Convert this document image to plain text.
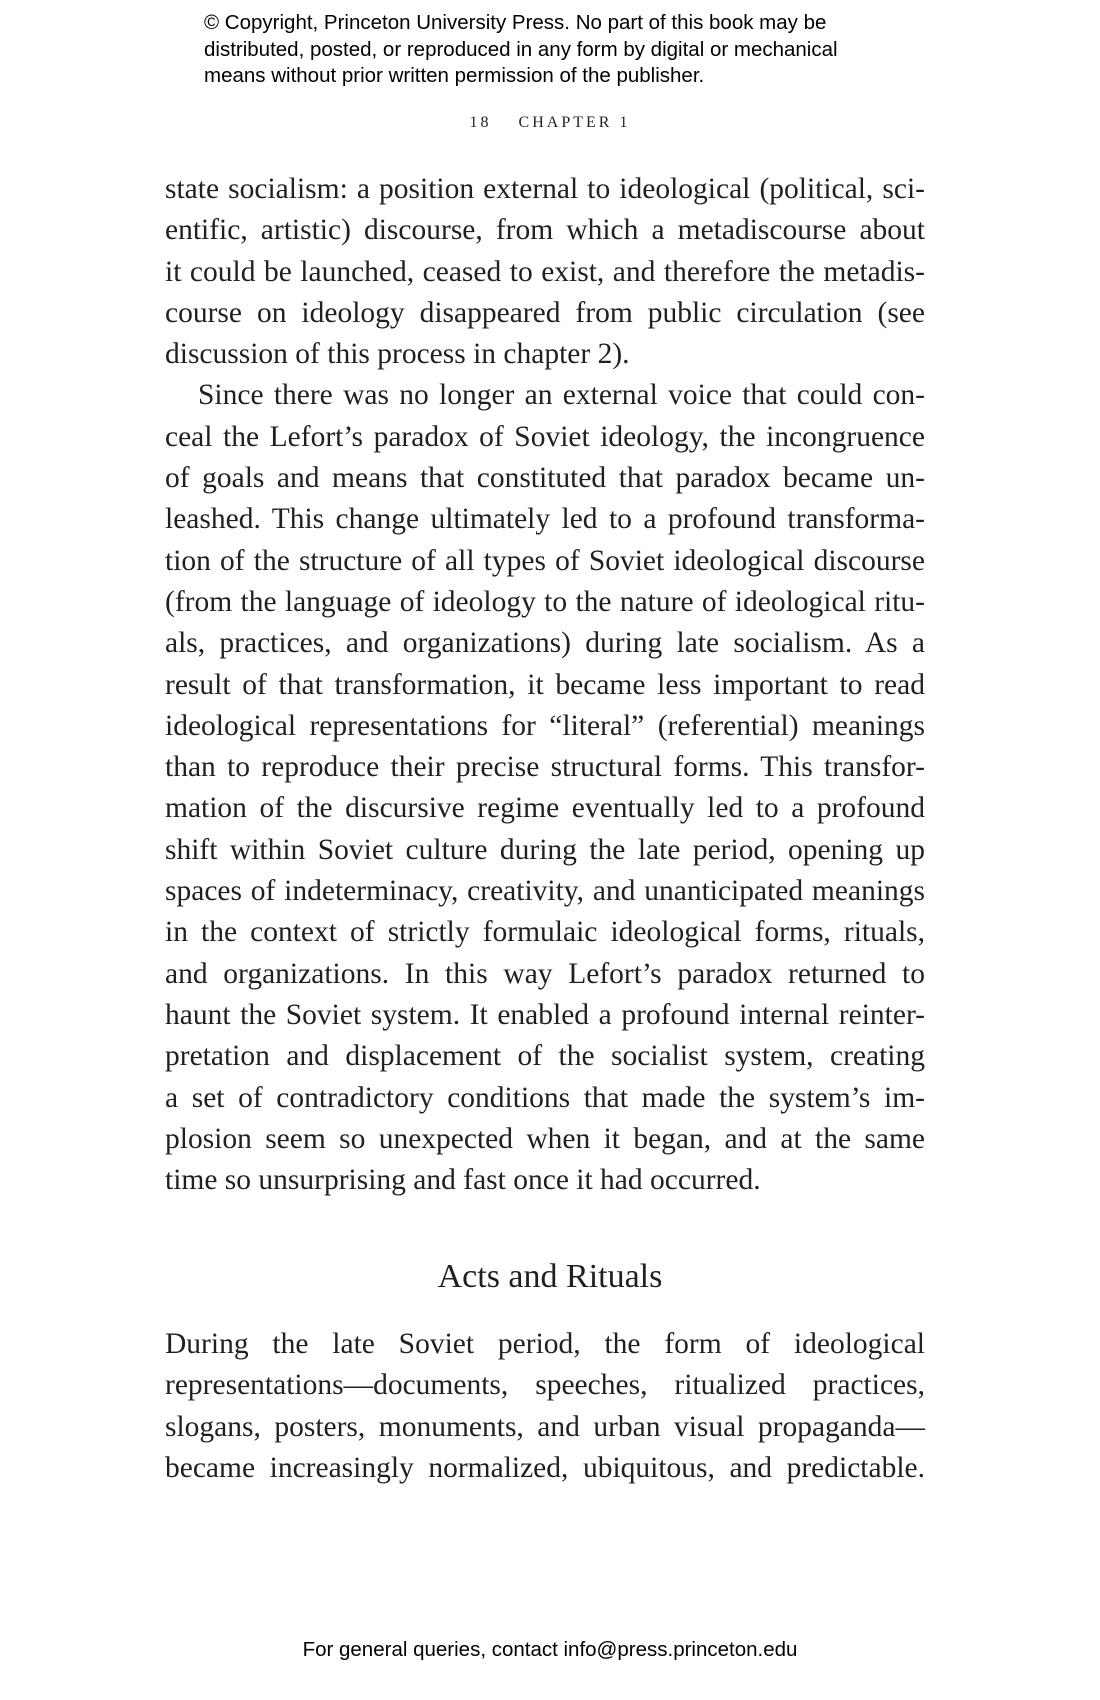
© Copyright, Princeton University Press. No part of this book may be
distributed, posted, or reproduced in any form by digital or mechanical
means without prior written permission of the publisher.
18 CHAPTER 1
state socialism: a position external to ideological (political, sci-
entific, artistic) discourse, from which a metadiscourse about
it could be launched, ceased to exist, and therefore the metadis-
course on ideology disappeared from public circulation (see
discussion of this process in chapter 2).
Since there was no longer an external voice that could con-
ceal the Lefort’s paradox of Soviet ideology, the incongruence
of goals and means that constituted that paradox became un-
leashed. This change ultimately led to a profound transforma-
tion of the structure of all types of Soviet ideological discourse
(from the language of ideology to the nature of ideological ritu-
als, practices, and organizations) during late socialism. As a
result of that transformation, it became less important to read
ideological representations for “literal” (referential) meanings
than to reproduce their precise structural forms. This transfor-
mation of the discursive regime eventually led to a profound
shift within Soviet culture during the late period, opening up
spaces of indeterminacy, creativity, and unanticipated meanings
in the context of strictly formulaic ideological forms, rituals,
and organizations. In this way Lefort’s paradox returned to
haunt the Soviet system. It enabled a profound internal reinter-
pretation and displacement of the socialist system, creating
a set of contradictory conditions that made the system’s im-
plosion seem so unexpected when it began, and at the same
time so unsurprising and fast once it had occurred.
Acts and Rituals
During the late Soviet period, the form of ideological
representations—documents, speeches, ritualized practices,
slogans, posters, monuments, and urban visual propaganda—
became increasingly normalized, ubiquitous, and predictable.
For general queries, contact info@press.princeton.edu
